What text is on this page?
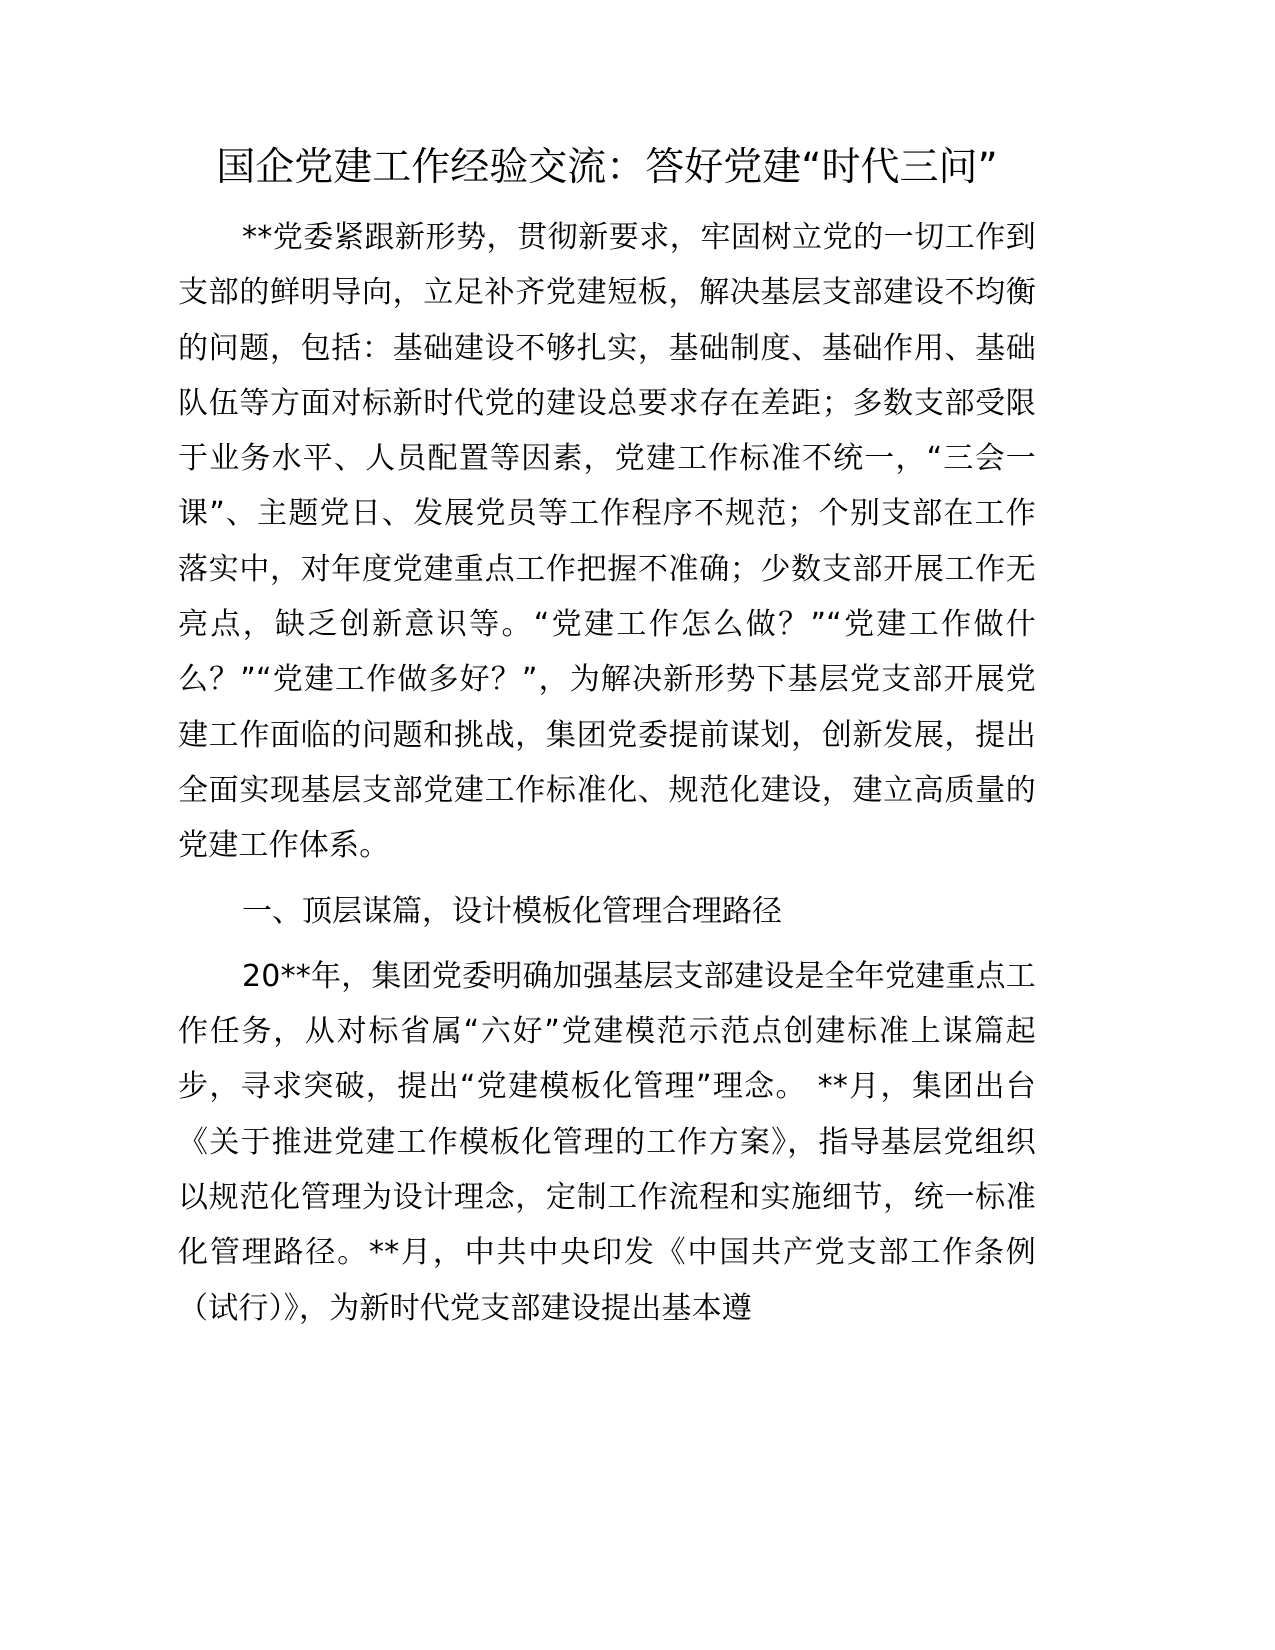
国企党建工作经验交流：答好党建“时代三问”

**党委紧跟新形势，贯彻新要求，牢固树立党的一切工作到支部的鲜明导向，立足补齐党建短板，解决基层支部建设不均衡的问题，包括：基础建设不够扎实，基础制度、基础作用、基础队伍等方面对标新时代党的建设总要求存在差距；多数支部受限于业务水平、人员配置等因素，党建工作标准不统一，“三会一课”、主题党日、发展党员等工作程序不规范；个别支部在工作落实中，对年度党建重点工作把握不准确；少数支部开展工作无亮点，缺乏创新意识等。“党建工作怎么做？”“党建工作做什么？”“党建工作做多好？”，为解决新形势下基层党支部开展党建工作面临的问题和挑战，集团党委提前谋划，创新发展，提出全面实现基层支部党建工作标准化、规范化建设，建立高质量的党建工作体系。

一、顶层谋篇，设计模板化管理合理路径

20**年，集团党委明确加强基层支部建设是全年党建重点工作任务，从对标省属“六好”党建模范示范点创建标准上谋篇起步，寻求突破，提出“党建模板化管理”理念。 **月，集团出台《关于推进党建工作模板化管理的工作方案》，指导基层党组织以规范化管理为设计理念，定制工作流程和实施细节，统一标准化管理路径。**月，中共中央印发《中国共产党支部工作条例（试行）》，为新时代党支部建设提出基本遵
